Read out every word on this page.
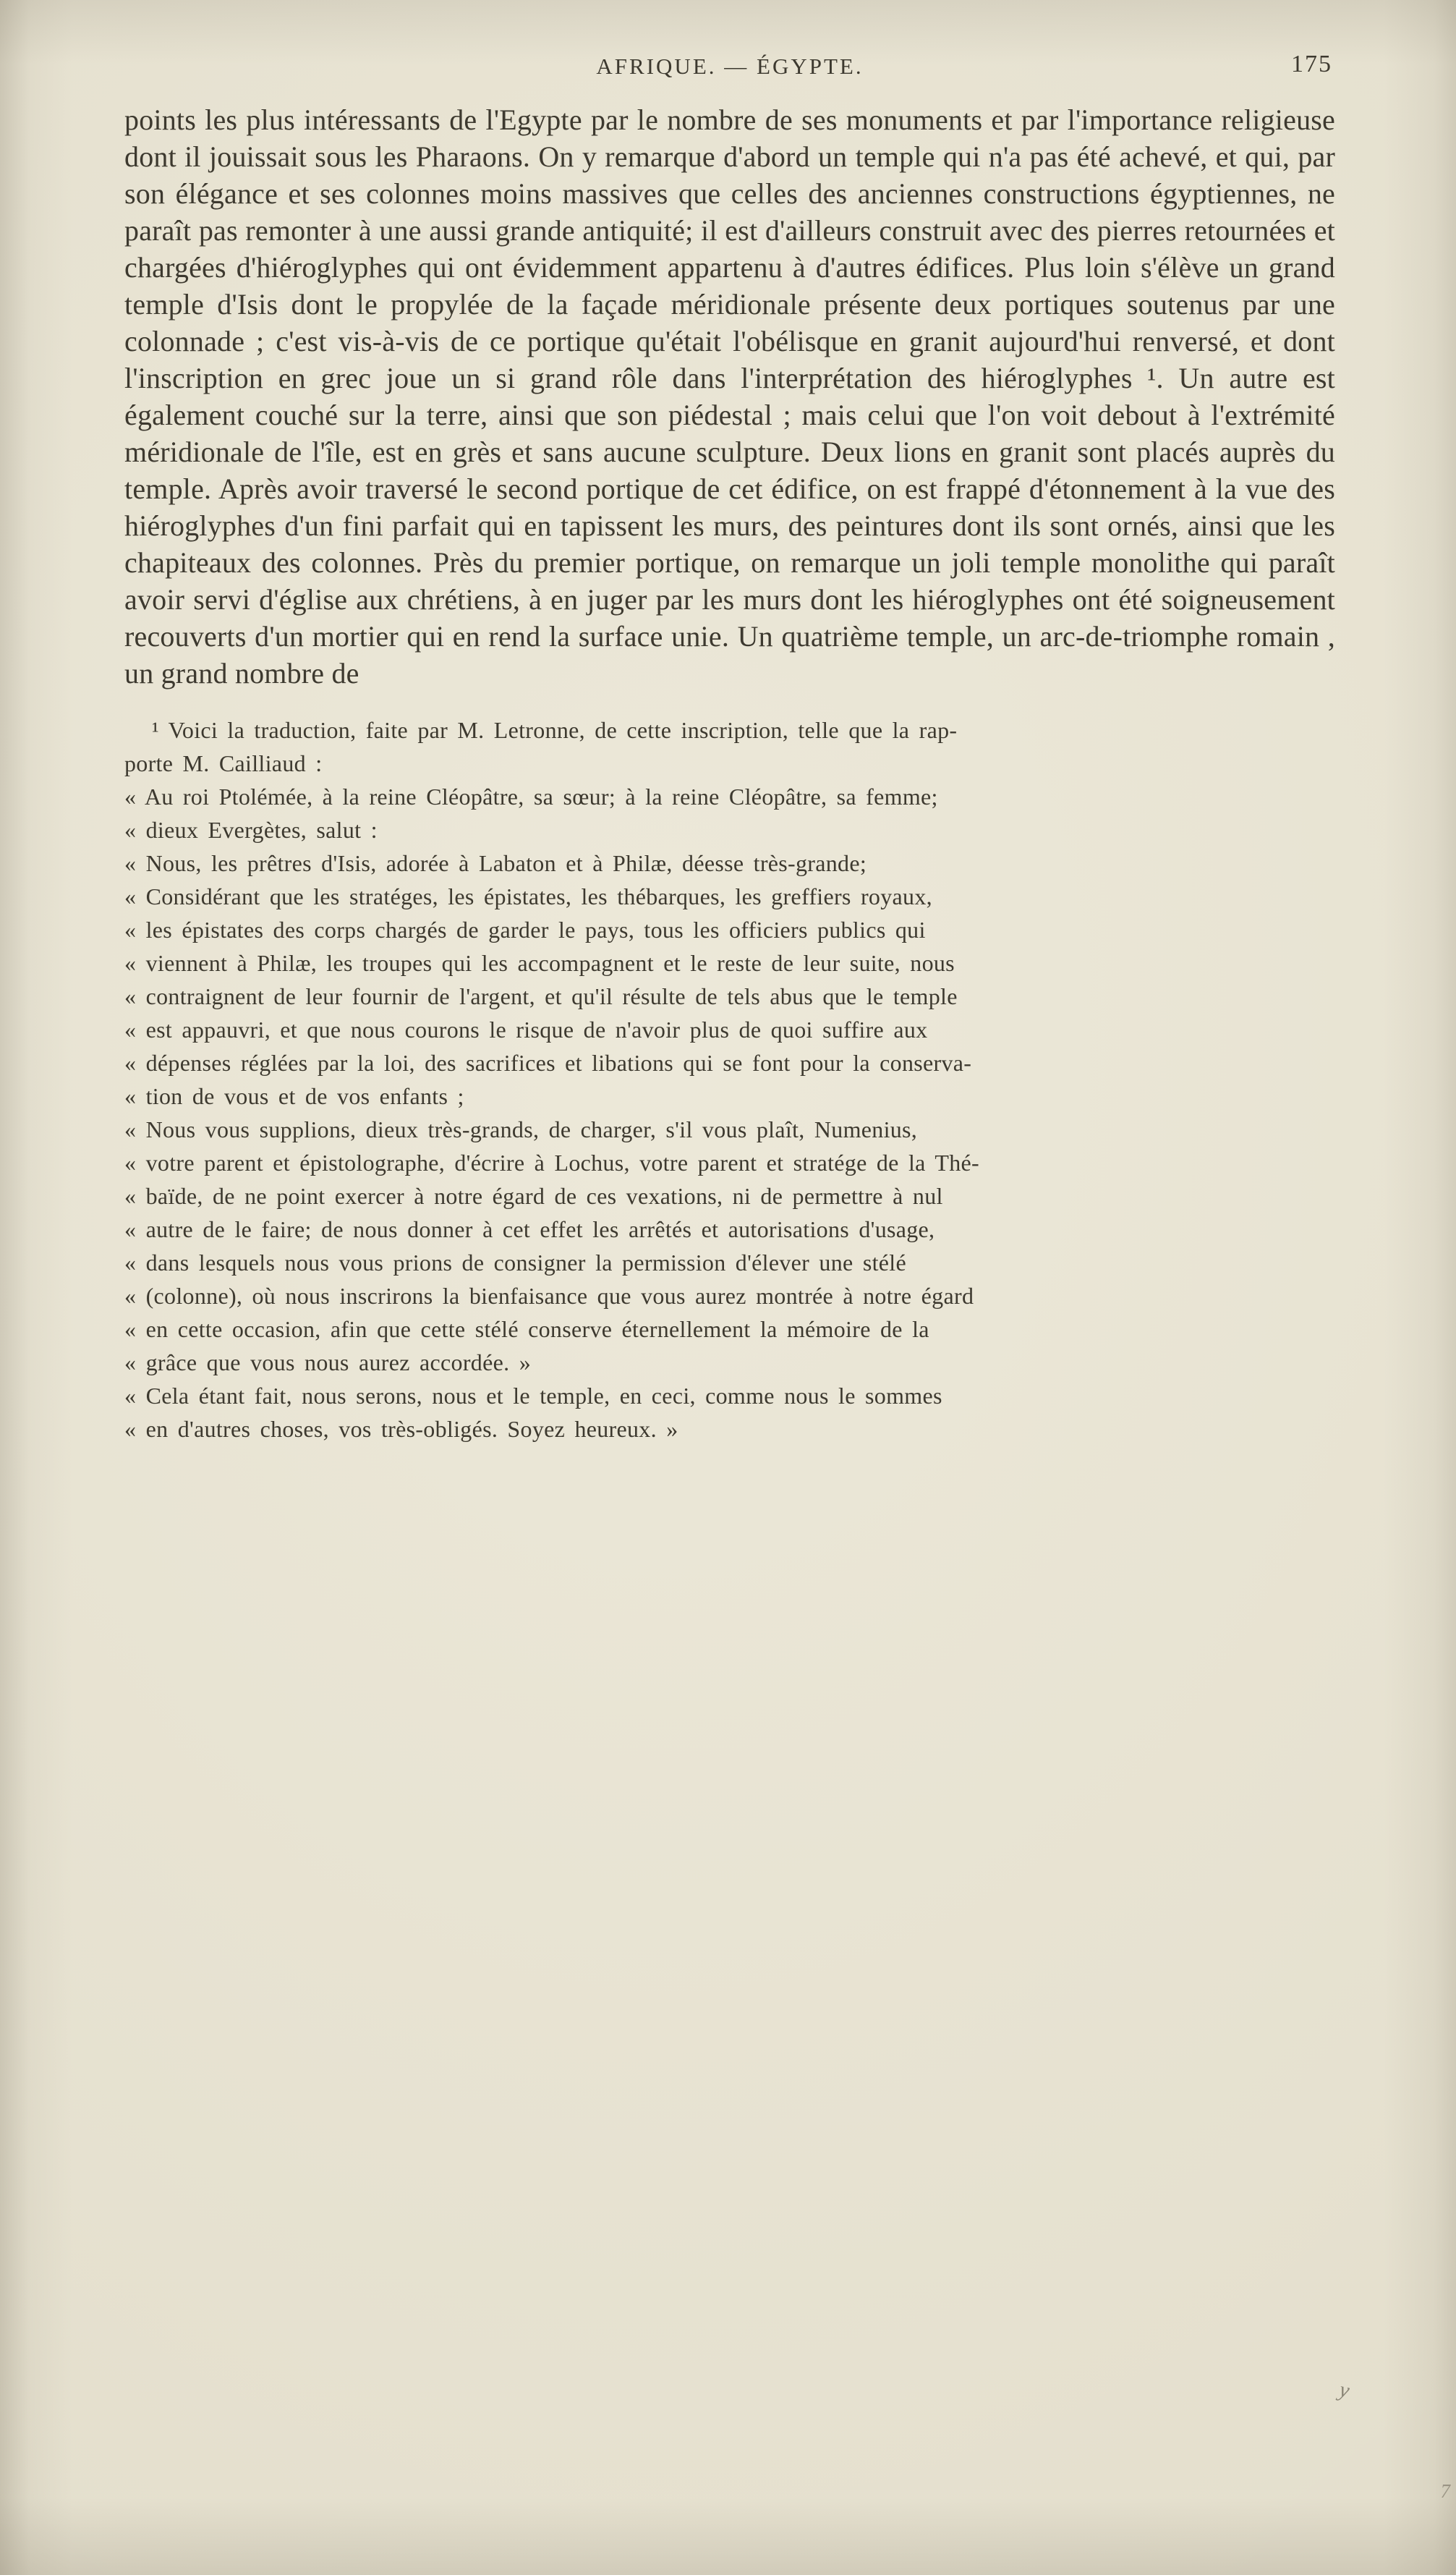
AFRIQUE. — ÉGYPTE.	175

points les plus intéressants de l'Egypte par le nombre de ses monuments et par l'importance religieuse dont il jouissait sous les Pharaons. On y remarque d'abord un temple qui n'a pas été achevé, et qui, par son élégance et ses colonnes moins massives que celles des anciennes constructions égyptiennes, ne paraît pas remonter à une aussi grande antiquité; il est d'ailleurs construit avec des pierres retournées et chargées d'hiéroglyphes qui ont évidemment appartenu à d'autres édifices. Plus loin s'élève un grand temple d'Isis dont le propylée de la façade méridionale présente deux portiques soutenus par une colonnade ; c'est vis-à-vis de ce portique qu'était l'obélisque en granit aujourd'hui renversé, et dont l'inscription en grec joue un si grand rôle dans l'interprétation des hiéroglyphes ¹. Un autre est également couché sur la terre, ainsi que son piédestal ; mais celui que l'on voit debout à l'extrémité méridionale de l'île, est en grès et sans aucune sculpture. Deux lions en granit sont placés auprès du temple. Après avoir traversé le second portique de cet édifice, on est frappé d'étonnement à la vue des hiéroglyphes d'un fini parfait qui en tapissent les murs, des peintures dont ils sont ornés, ainsi que les chapiteaux des colonnes. Près du premier portique, on remarque un joli temple monolithe qui paraît avoir servi d'église aux chrétiens, à en juger par les murs dont les hiéroglyphes ont été soigneusement recouverts d'un mortier qui en rend la surface unie. Un quatrième temple, un arc-de-triomphe romain , un grand nombre de

¹ Voici la traduction, faite par M. Letronne, de cette inscription, telle que la rap-

porte M. Cailliaud :

« Au roi Ptolémée, à la reine Cléopâtre, sa sœur; à la reine Cléopâtre, sa femme;

« dieux Evergètes, salut :

« Nous, les prêtres d'Isis, adorée à Labaton et à Philæ, déesse très-grande;

« Considérant que les stratéges, les épistates, les thébarques, les greffiers royaux,

« les épistates des corps chargés de garder le pays, tous les officiers publics qui

« viennent à Philæ, les troupes qui les accompagnent et le reste de leur suite, nous

« contraignent de leur fournir de l'argent, et qu'il résulte de tels abus que le temple

« est appauvri, et que nous courons le risque de n'avoir plus de quoi suffire aux

« dépenses réglées par la loi, des sacrifices et libations qui se font pour la conserva-

« tion de vous et de vos enfants ;

« Nous vous supplions, dieux très-grands, de charger, s'il vous plaît, Numenius,

« votre parent et épistolographe, d'écrire à Lochus, votre parent et stratége de la Thé-

« baïde, de ne point exercer à notre égard de ces vexations, ni de permettre à nul

« autre de le faire; de nous donner à cet effet les arrêtés et autorisations d'usage,

« dans lesquels nous vous prions de consigner la permission d'élever une stélé

« (colonne), où nous inscrirons la bienfaisance que vous aurez montrée à notre égard

« en cette occasion, afin que cette stélé conserve éternellement la mémoire de la

« grâce que vous nous aurez accordée. »

« Cela étant fait, nous serons, nous et le temple, en ceci, comme nous le sommes

« en d'autres choses, vos très-obligés. Soyez heureux. »

y
7
